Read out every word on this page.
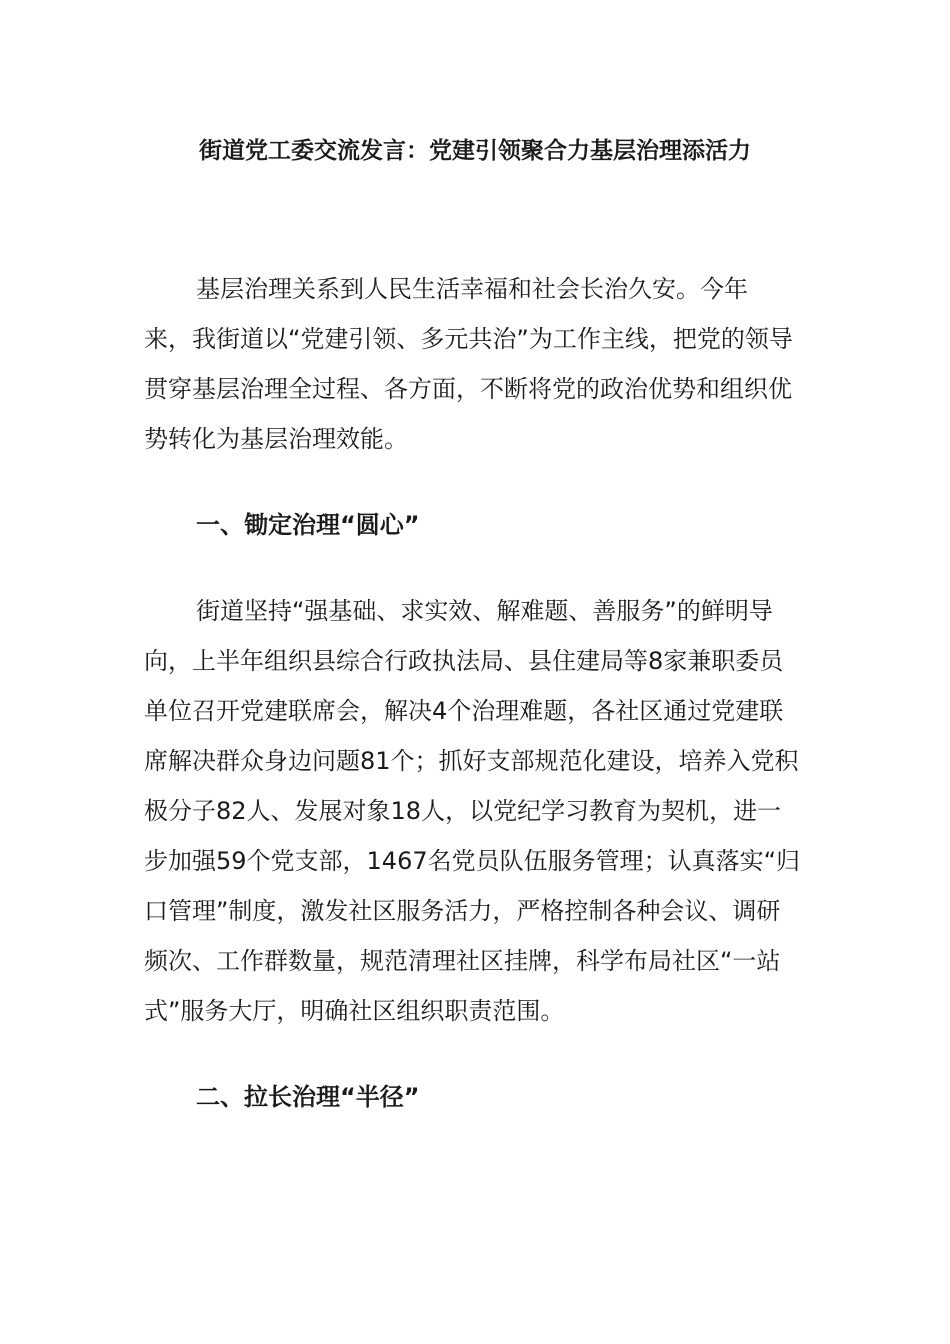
街道党工委交流发言：党建引领聚合力基层治理添活力

基层治理关系到人民生活幸福和社会长治久安。今年来，我街道以“党建引领、多元共治”为工作主线，把党的领导贯穿基层治理全过程、各方面，不断将党的政治优势和组织优势转化为基层治理效能。

一、锄定治理“圆心”

街道坚持“强基础、求实效、解难题、善服务”的鲜明导向，上半年组织县综合行政执法局、县住建局等8家兼职委员单位召开党建联席会，解决4个治理难题，各社区通过党建联席解决群众身边问题81个；抓好支部规范化建设，培养入党积极分子82人、发展对象18人，以党纪学习教育为契机，进一步加强59个党支部，1467名党员队伍服务管理；认真落实“归口管理”制度，激发社区服务活力，严格控制各种会议、调研频次、工作群数量，规范清理社区挂牌，科学布局社区“一站式”服务大厅，明确社区组织职责范围。

二、拉长治理“半径”
